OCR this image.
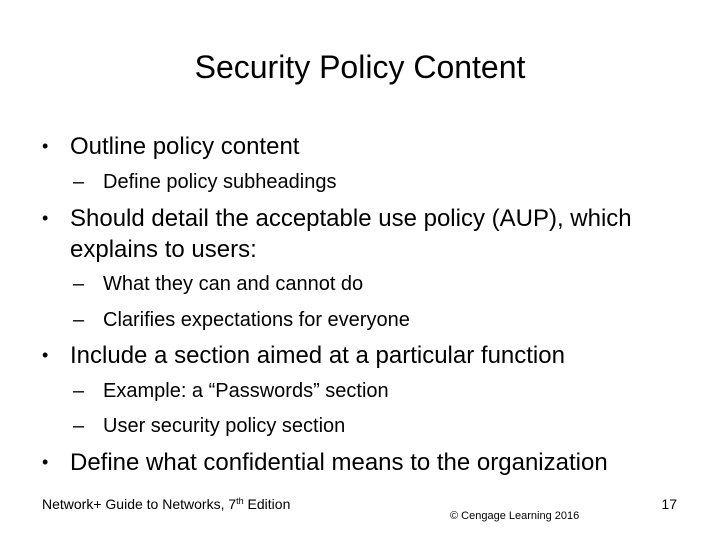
Security Policy Content
• Outline policy content
– Define policy subheadings
• Should detail the acceptable use policy (AUP), which explains to users:
– What they can and cannot do
– Clarifies expectations for everyone
• Include a section aimed at a particular function
– Example: a “Passwords” section
– User security policy section
• Define what confidential means to the organization
Network+ Guide to Networks, 7th Edition
© Cengage Learning 2016
17
